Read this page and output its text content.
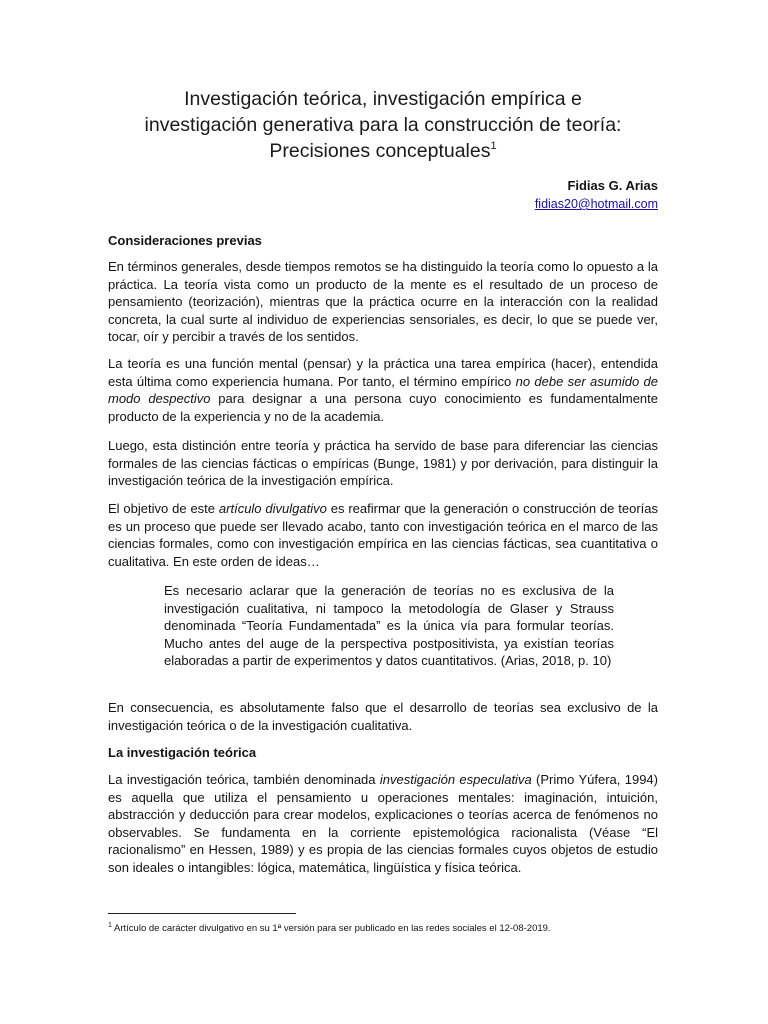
Investigación teórica, investigación empírica e
investigación generativa para la construcción de teoría:
Precisiones conceptuales$^1$
Fidias G. Arias
fidias20@hotmail.com
Consideraciones previas

En términos generales, desde tiempos remotos se ha distinguido la teoría como lo opuesto a la práctica. La teoría vista como un producto de la mente es el resultado de un proceso de pensamiento (teorización), mientras que la práctica ocurre en la interacción con la realidad concreta, la cual surte al individuo de experiencias sensoriales, es decir, lo que se puede ver, tocar, oír y percibir a través de los sentidos.

La teoría es una función mental (pensar) y la práctica una tarea empírica (hacer), entendida esta última como experiencia humana. Por tanto, el término empírico no debe ser asumido de modo despectivo para designar a una persona cuyo conocimiento es fundamentalmente producto de la experiencia y no de la academia.

Luego, esta distinción entre teoría y práctica ha servido de base para diferenciar las ciencias formales de las ciencias fácticas o empíricas (Bunge, 1981) y por derivación, para distinguir la investigación teórica de la investigación empírica.

El objetivo de este artículo divulgativo es reafirmar que la generación o construcción de teorías es un proceso que puede ser llevado acabo, tanto con investigación teórica en el marco de las ciencias formales, como con investigación empírica en las ciencias fácticas, sea cuantitativa o cualitativa. En este orden de ideas…

Es necesario aclarar que la generación de teorías no es exclusiva de la investigación cualitativa, ni tampoco la metodología de Glaser y Strauss denominada “Teoría Fundamentada” es la única vía para formular teorías. Mucho antes del auge de la perspectiva postpositivista, ya existían teorías elaboradas a partir de experimentos y datos cuantitativos. (Arias, 2018, p. 10)

En consecuencia, es absolutamente falso que el desarrollo de teorías sea exclusivo de la investigación teórica o de la investigación cualitativa.

La investigación teórica

La investigación teórica, también denominada investigación especulativa (Primo Yúfera, 1994) es aquella que utiliza el pensamiento u operaciones mentales: imaginación, intuición, abstracción y deducción para crear modelos, explicaciones o teorías acerca de fenómenos no observables. Se fundamenta en la corriente epistemológica racionalista (Véase “El racionalismo” en Hessen, 1989) y es propia de las ciencias formales cuyos objetos de estudio son ideales o intangibles: lógica, matemática, lingüística y física teórica.

$^1$ Artículo de carácter divulgativo en su 1ª versión para ser publicado en las redes sociales el 12-08-2019.
